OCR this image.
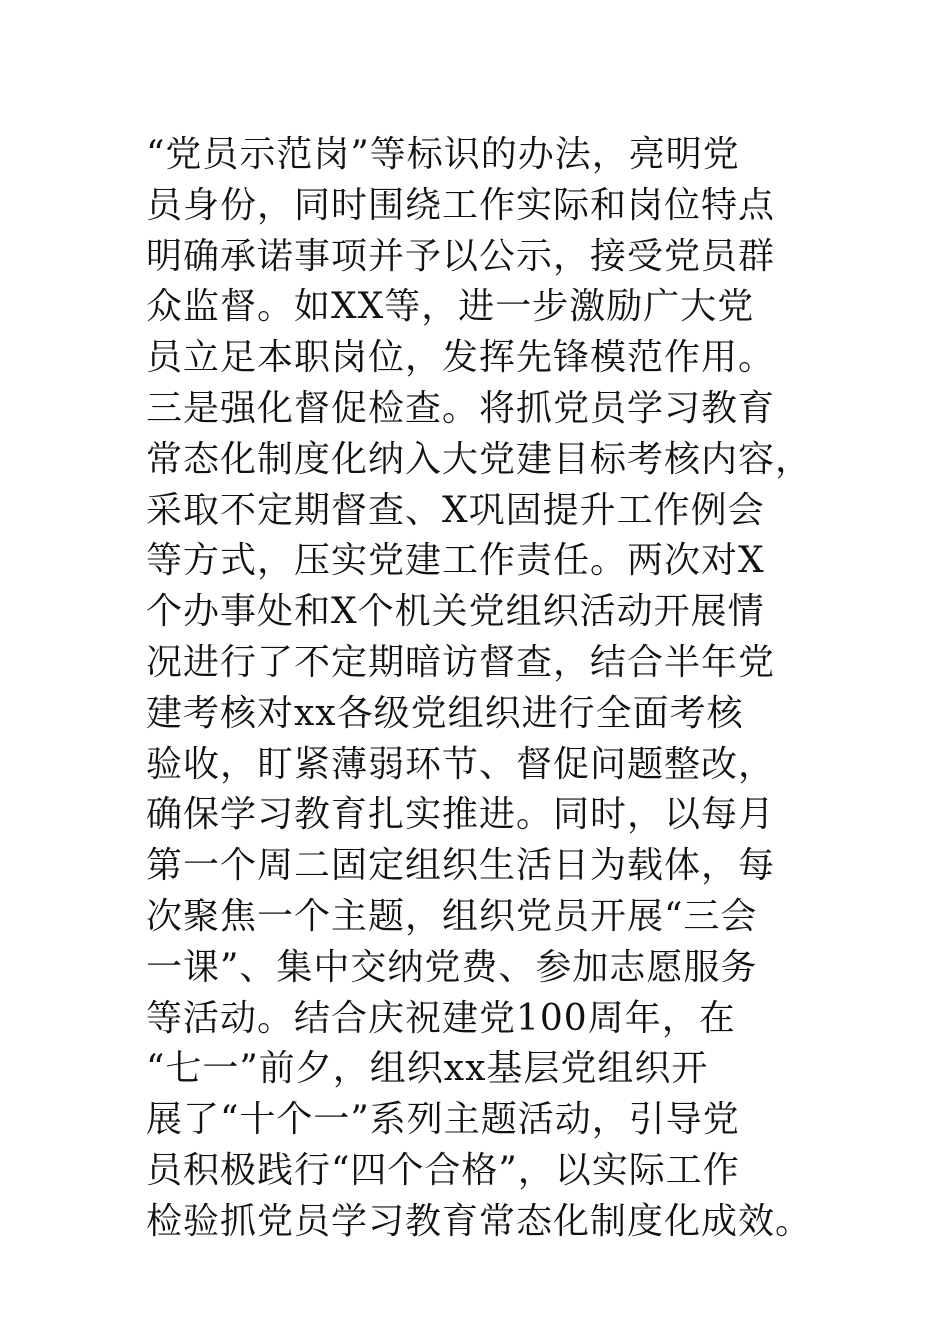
“党员示范岗”等标识的办法，亮明党
员身份，同时围绕工作实际和岗位特点
明确承诺事项并予以公示，接受党员群
众监督。如XX等，进一步激励广大党
员立足本职岗位，发挥先锋模范作用。
三是强化督促检查。将抓党员学习教育
常态化制度化纳入大党建目标考核内容，
采取不定期督查、X巩固提升工作例会
等方式，压实党建工作责任。两次对X
个办事处和X个机关党组织活动开展情
况进行了不定期暗访督查，结合半年党
建考核对xx各级党组织进行全面考核
验收，盯紧薄弱环节、督促问题整改，
确保学习教育扎实推进。同时，以每月
第一个周二固定组织生活日为载体，每
次聚焦一个主题，组织党员开展“三会
一课”、集中交纳党费、参加志愿服务
等活动。结合庆祝建党100周年，在
“七一”前夕，组织xx基层党组织开
展了“十个一”系列主题活动，引导党
员积极践行“四个合格”，以实际工作
检验抓党员学习教育常态化制度化成效。
